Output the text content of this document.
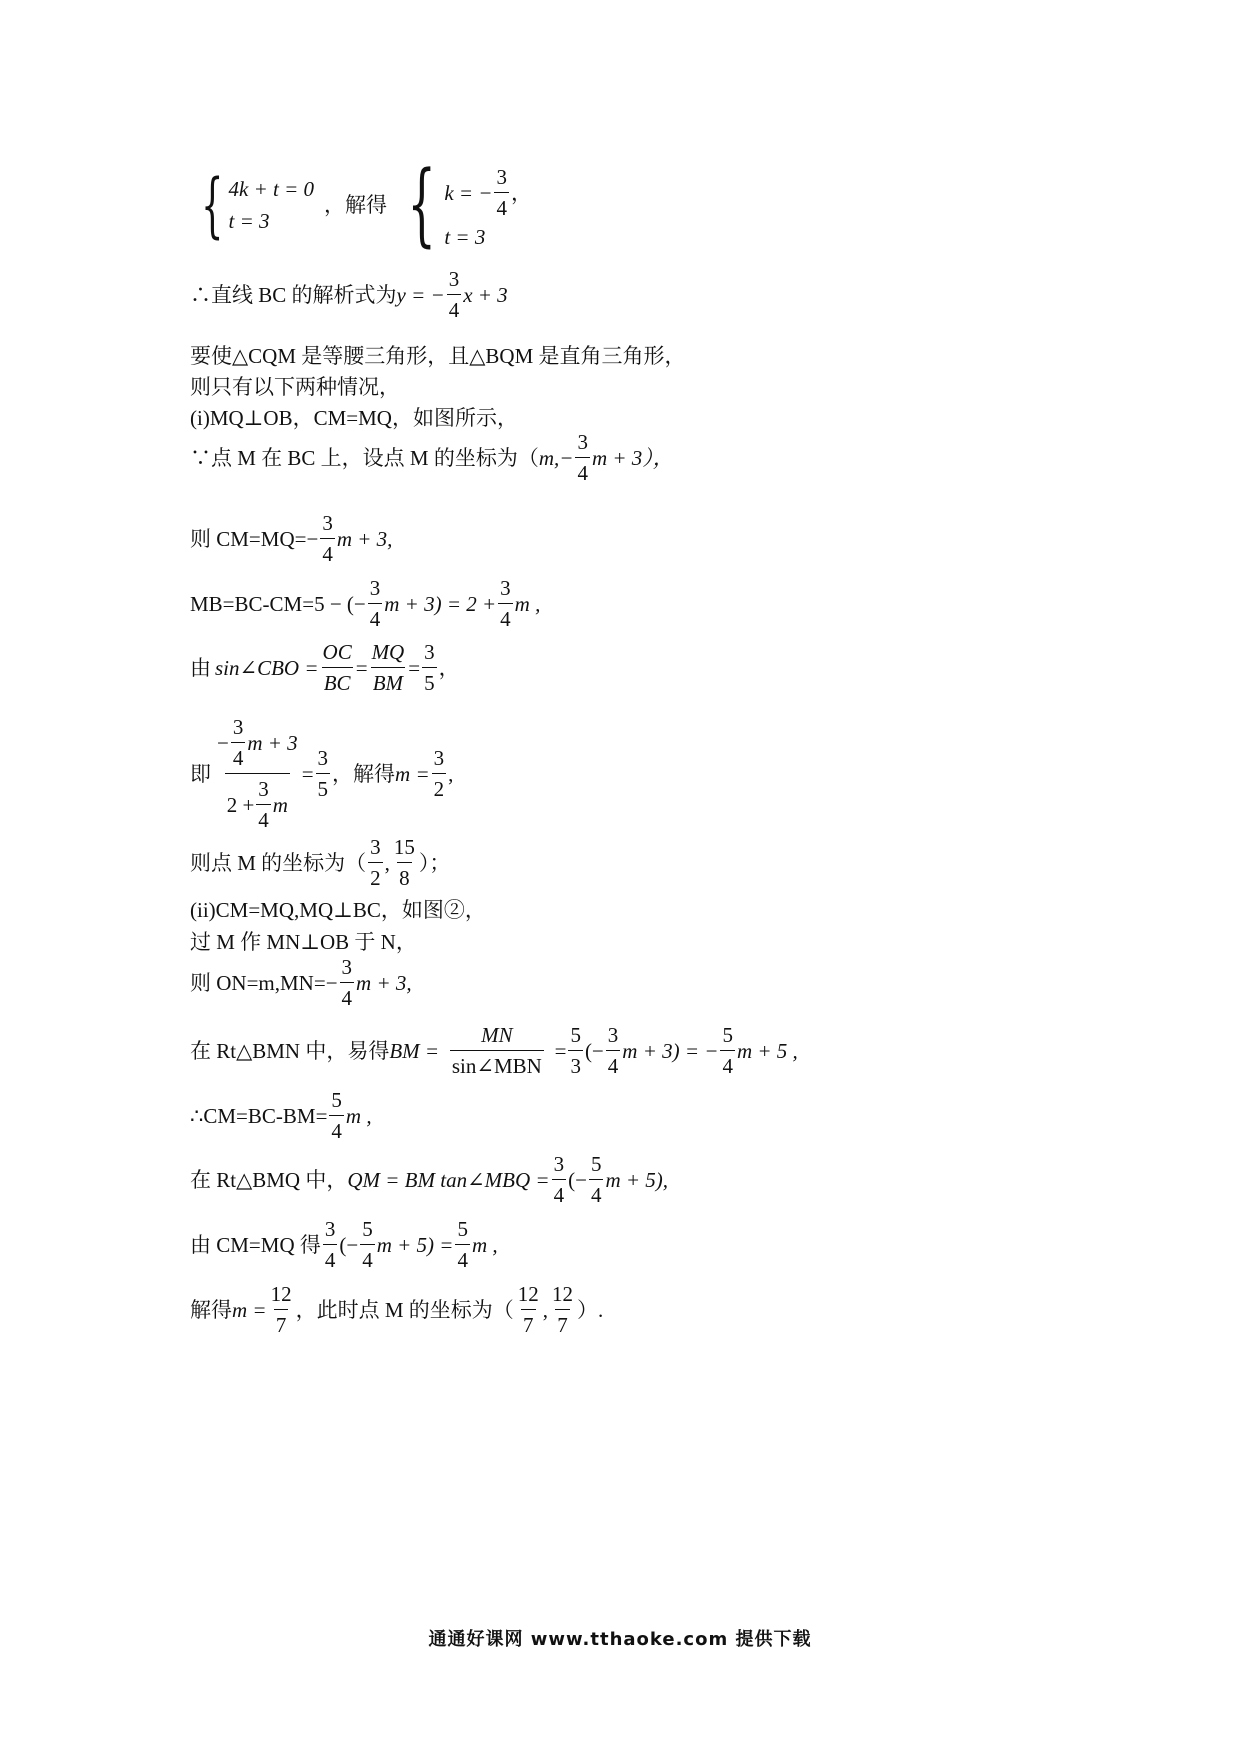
{ 4k + t = 0
t = 3
，解得 { k = − $\frac{3}{4}$ ，
t = 3
∴直线 BC 的解析式为 y = − $\frac{3}{4}$ x + 3
要使△CQM 是等腰三角形，且△BQM 是直角三角形，
则只有以下两种情况，
(i)MQ⊥OB，CM=MQ，如图所示，
∵点 M 在 BC 上，设点 M 的坐标为（ $m,- \frac{3}{4}$ m + 3），
则 $CM=MQ= - \frac{3}{4}$ m + 3,
MB=BC-CM= 5 − (− $\frac{3}{4}$ $m + 3) = 2 + \frac{3}{4}$ m ,
由 sin∠CBO = $\frac{OC}{BC} = \frac{MQ}{BM} = \frac{3}{5}$ ，
即 $\frac{- \frac{3}{4} m + 3}{2 + \frac{3}{4} m} = \frac{3}{5}$ ，解得 $m = \frac{3}{2}$ ,
则点 M 的坐标为（ $\frac{3}{2}$ , $\frac{15}{8}$ ）；
(ii)CM=MQ,MQ⊥BC，如图②，
过 M 作 MN⊥OB 于 N，
则 $ON=m,MN= - \frac{3}{4}$ m + 3,
在 Rt△BMN 中，易得 BM = $\frac{MN}{\text{sin∠MBN}} = \frac{5}{3}$ (− $\frac{3}{4}$ m + 3) = − $\frac{5}{4}$ m + 5 ,
∴CM=BC-BM= $\frac{5}{4}$ m ,
在 Rt△BMQ 中， QM = BM tan∠MBQ = $\frac{3}{4}$ (− $\frac{5}{4}$ m + 5),
由 CM=MQ 得 $\frac{3}{4}$ (− $\frac{5}{4}$ $m + 5) = \frac{5}{4}$ m ,
解得 $m = \frac{12}{7}$ ，此时点 M 的坐标为（ $\frac{12}{7}$ , $\frac{12}{7}$ ）.
通通好课网 www.tthaoke.com 提供下载
